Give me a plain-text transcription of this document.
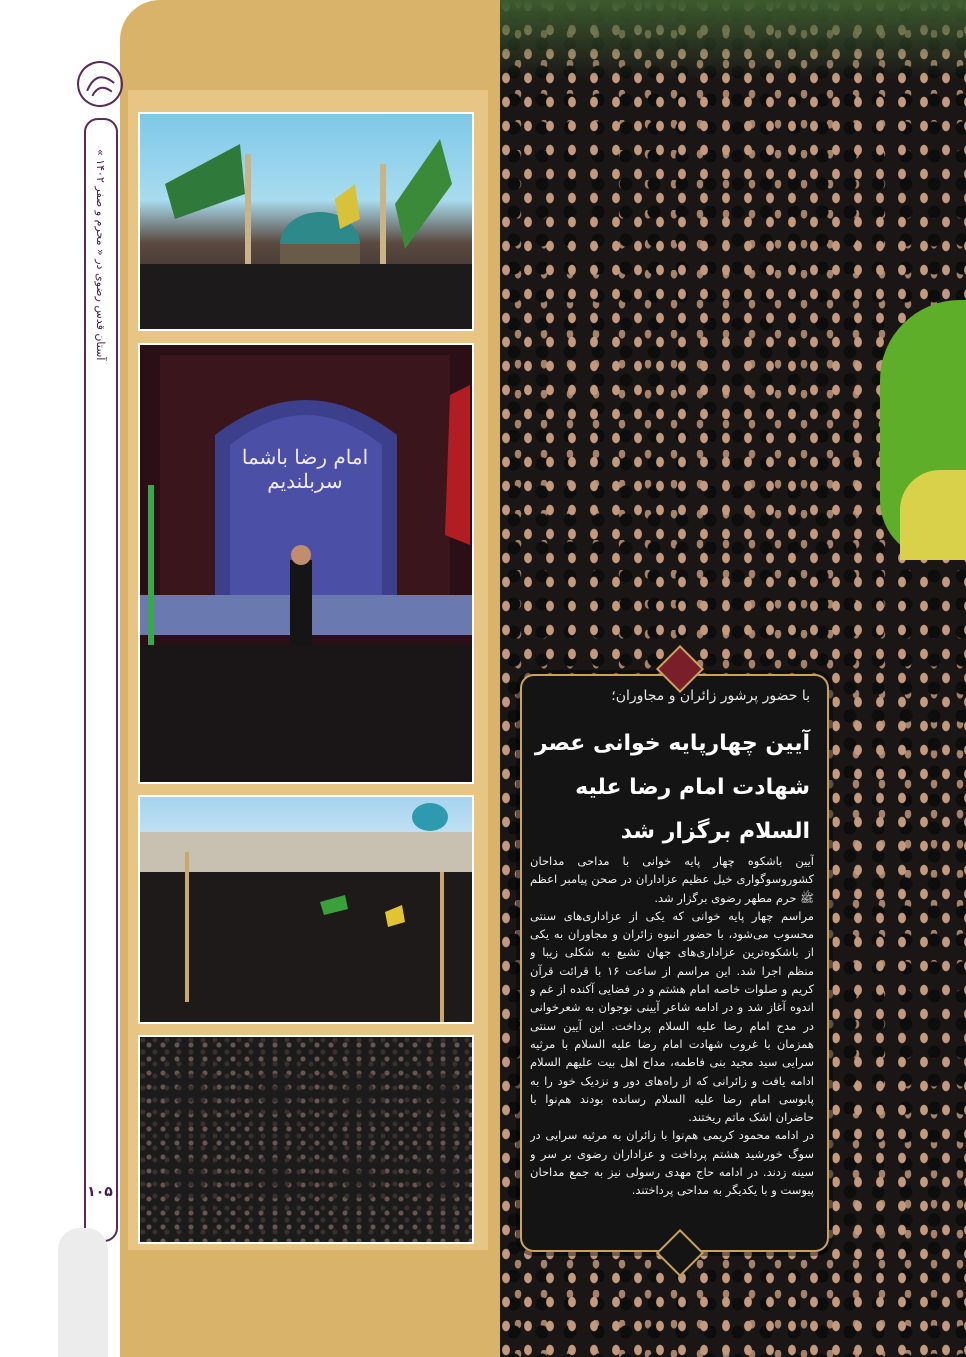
آستان قدس رضوی در « محرم و صفر ۱۴۰۲ »
۱۰۵
امام رضا باشما سربلندیم
با حضور پرشور زائران و مجاوران؛
آیین چهارپایه خوانی عصر
شهادت امام رضا علیه السلام برگزار شد

آیین باشکوه چهار پایه خوانی با مداحی مداحان کشوروسوگواری خیل عظیم عزاداران در صحن پیامبر اعظم ﷺ حرم مطهر رضوی برگزار شد.

مراسم چهار پایه خوانی که یکی از عزاداری‌های سنتی محسوب می‌شود، با حضور انبوه زائران و مجاوران به یکی از باشکوه‌ترین عزاداری‌های جهان تشیع به شکلی زیبا و منظم اجرا شد. این مراسم از ساعت ۱۶ با قرائت قرآن کریم و صلوات خاصه امام هشتم و در فضایی آکنده از غم و اندوه آغاز شد و در ادامه شاعر آیینی نوجوان به شعرخوانی در مدح امام رضا علیه السلام پرداخت. این آیین سنتی همزمان با غروب شهادت امام رضا علیه السلام با مرثیه سرایی سید مجید بنی فاطمه، مداح اهل بیت علیهم السلام ادامه یافت و زائرانی که از راه‌های دور و نزدیک خود را به پابوسی امام رضا علیه السلام رسانده بودند هم‌نوا با حاضران اشک ماتم ریختند.

در ادامه محمود کریمی هم‌نوا با زائران به مرثیه سرایی در سوگ خورشید هشتم پرداخت و عزاداران رضوی بر سر و سینه زدند. در ادامه حاج مهدی رسولی نیز به جمع مداحان پیوست و با یکدیگر به مداحی پرداختند.
